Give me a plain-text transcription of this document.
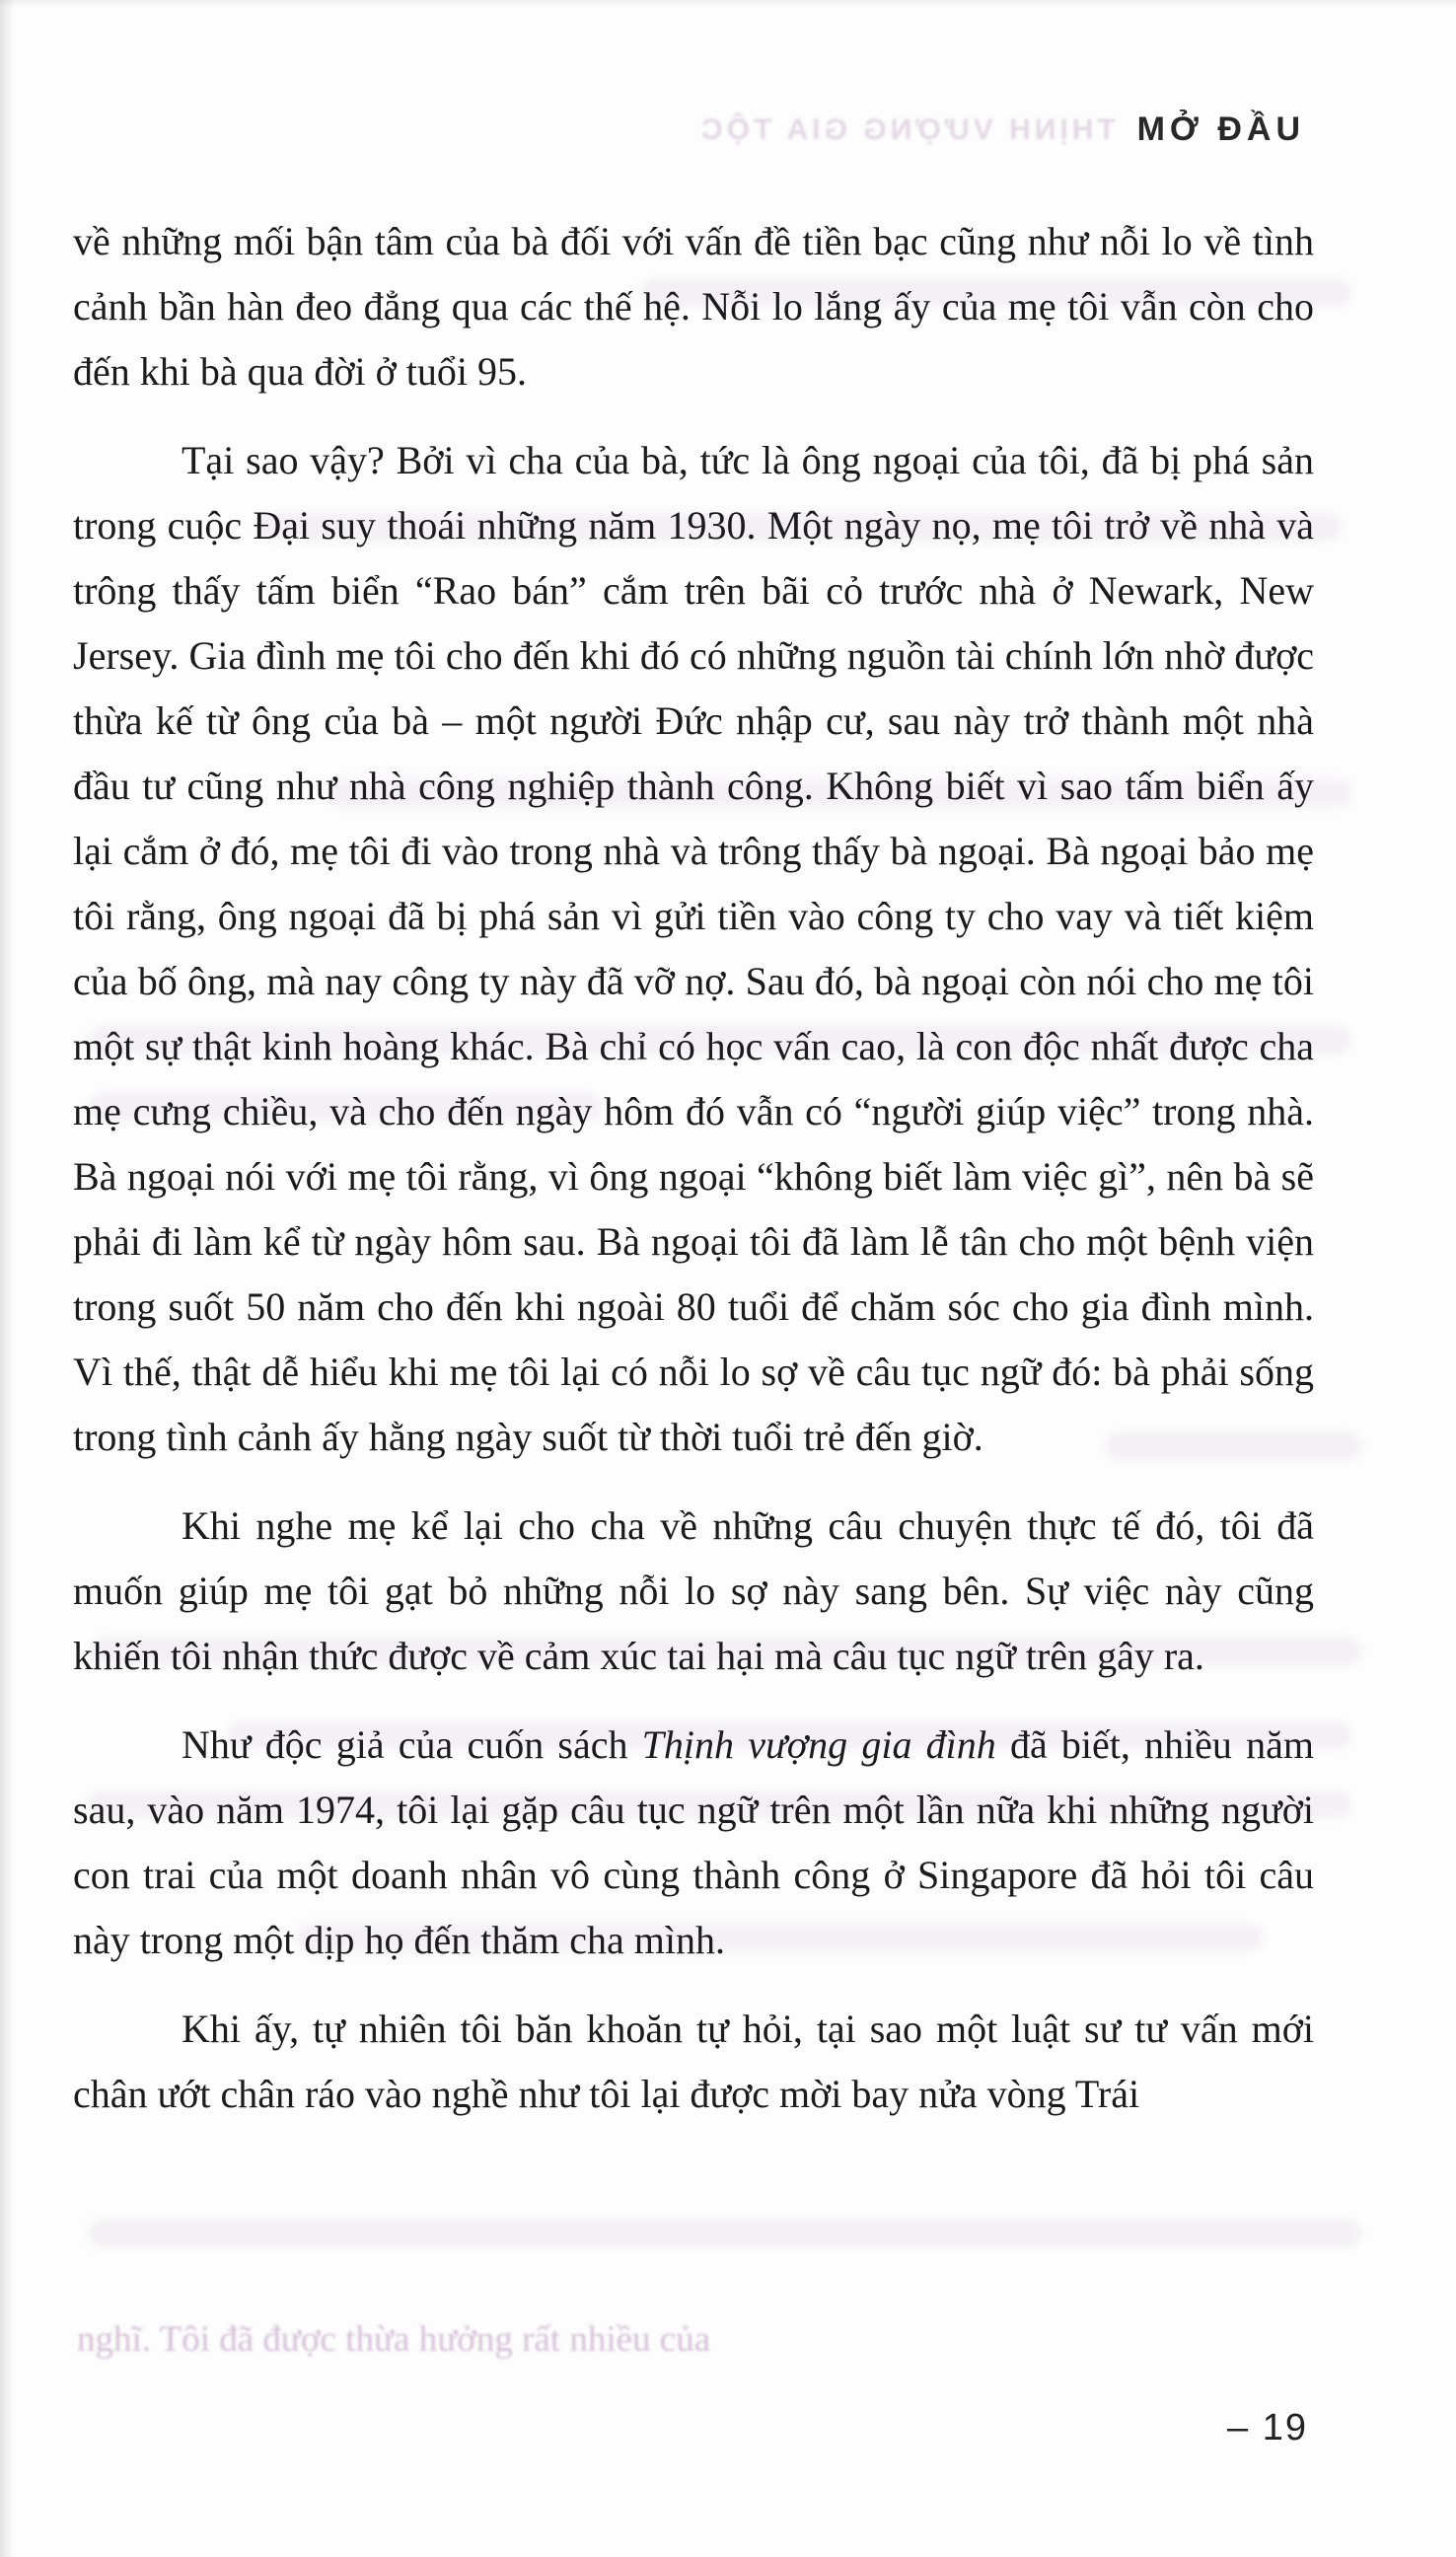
THỊNH VƯỢNG GIA TỘC MỞ ĐẦU

về những mối bận tâm của bà đối với vấn đề tiền bạc cũng như nỗi lo về tình cảnh bần hàn đeo đẳng qua các thế hệ. Nỗi lo lắng ấy của mẹ tôi vẫn còn cho đến khi bà qua đời ở tuổi 95.

Tại sao vậy? Bởi vì cha của bà, tức là ông ngoại của tôi, đã bị phá sản trong cuộc Đại suy thoái những năm 1930. Một ngày nọ, mẹ tôi trở về nhà và trông thấy tấm biển “Rao bán” cắm trên bãi cỏ trước nhà ở Newark, New Jersey. Gia đình mẹ tôi cho đến khi đó có những nguồn tài chính lớn nhờ được thừa kế từ ông của bà – một người Đức nhập cư, sau này trở thành một nhà đầu tư cũng như nhà công nghiệp thành công. Không biết vì sao tấm biển ấy lại cắm ở đó, mẹ tôi đi vào trong nhà và trông thấy bà ngoại. Bà ngoại bảo mẹ tôi rằng, ông ngoại đã bị phá sản vì gửi tiền vào công ty cho vay và tiết kiệm của bố ông, mà nay công ty này đã vỡ nợ. Sau đó, bà ngoại còn nói cho mẹ tôi một sự thật kinh hoàng khác. Bà chỉ có học vấn cao, là con độc nhất được cha mẹ cưng chiều, và cho đến ngày hôm đó vẫn có “người giúp việc” trong nhà. Bà ngoại nói với mẹ tôi rằng, vì ông ngoại “không biết làm việc gì”, nên bà sẽ phải đi làm kể từ ngày hôm sau. Bà ngoại tôi đã làm lễ tân cho một bệnh viện trong suốt 50 năm cho đến khi ngoài 80 tuổi để chăm sóc cho gia đình mình. Vì thế, thật dễ hiểu khi mẹ tôi lại có nỗi lo sợ về câu tục ngữ đó: bà phải sống trong tình cảnh ấy hằng ngày suốt từ thời tuổi trẻ đến giờ.

Khi nghe mẹ kể lại cho cha về những câu chuyện thực tế đó, tôi đã muốn giúp mẹ tôi gạt bỏ những nỗi lo sợ này sang bên. Sự việc này cũng khiến tôi nhận thức được về cảm xúc tai hại mà câu tục ngữ trên gây ra.

Như độc giả của cuốn sách Thịnh vượng gia đình đã biết, nhiều năm sau, vào năm 1974, tôi lại gặp câu tục ngữ trên một lần nữa khi những người con trai của một doanh nhân vô cùng thành công ở Singapore đã hỏi tôi câu này trong một dịp họ đến thăm cha mình.

Khi ấy, tự nhiên tôi băn khoăn tự hỏi, tại sao một luật sư tư vấn mới chân ướt chân ráo vào nghề như tôi lại được mời bay nửa vòng Trái

nghĩ. Tôi đã được thừa hưởng rất nhiều của
– 19
